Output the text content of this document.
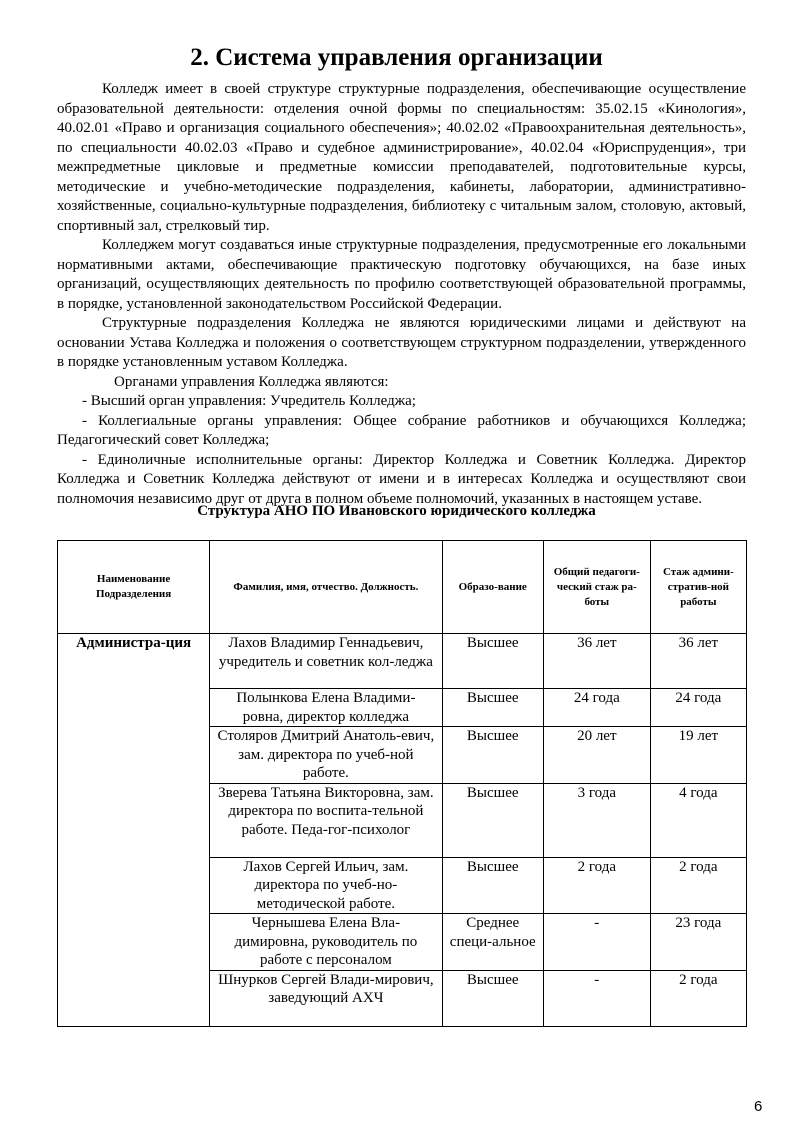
2. Система управления организации

Колледж имеет в своей структуре структурные подразделения, обеспечивающие осуществление образовательной деятельности: отделения очной формы по специальностям: 35.02.15 «Кинология», 40.02.01 «Право и организация социального обеспечения»; 40.02.02 «Правоохранительная деятельность», по специальности 40.02.03 «Право и судебное администрирование», 40.02.04 «Юриспруденция», три межпредметные цикловые и предметные комиссии преподавателей, подготовительные курсы, методические и учебно-методические подразделения, кабинеты, лаборатории, административно-хозяйственные, социально-культурные подразделения, библиотеку с читальным залом, столовую, актовый, спортивный зал, стрелковый тир.

Колледжем могут создаваться иные структурные подразделения, предусмотренные его локальными нормативными актами, обеспечивающие практическую подготовку обучающихся, на базе иных организаций, осуществляющих деятельность по профилю соответствующей образовательной программы, в порядке, установленной законодательством Российской Федерации.

Структурные подразделения Колледжа не являются юридическими лицами и действуют на основании Устава Колледжа и положения о соответствующем структурном подразделении, утвержденного в порядке установленным уставом Колледжа.

Органами управления Колледжа являются:

- Высший орган управления: Учредитель Колледжа;

- Коллегиальные органы управления: Общее собрание работников и обучающихся Колледжа; Педагогический совет Колледжа;

- Единоличные исполнительные органы: Директор Колледжа и Советник Колледжа. Директор Колледжа и Советник Колледжа действуют от имени и в интересах Колледжа и осуществляют свои полномочия независимо друг от друга в полном объеме полномочий, указанных в настоящем уставе.

Структура АНО ПО Ивановского юридического колледжа
Наименование Подразделения	Фамилия, имя, отчество. Должность.	Образо-вание	Общий педагоги-ческий стаж ра-боты	Стаж админи-стратив-ной работы
Администра-ция	Лахов Владимир Геннадьевич, учредитель и советник кол-леджа	Высшее	36 лет	36 лет
	Полынкова Елена Владими-ровна, директор колледжа	Высшее	24 года	24 года
	Столяров Дмитрий Анатоль-евич, зам. директора по учеб-ной работе.	Высшее	20 лет	19 лет
	Зверева Татьяна Викторовна, зам. директора по воспита-тельной работе. Педа-гог-психолог	Высшее	3 года	4 года
	Лахов Сергей Ильич, зам. директора по учеб-но-методической работе.	Высшее	2 года	2 года
	Чернышева Елена Вла-димировна, руководитель по работе с персоналом	Среднее специ-альное	-	23 года
	Шнурков Сергей Влади-мирович, заведующий АХЧ	Высшее	-	2 года
6
